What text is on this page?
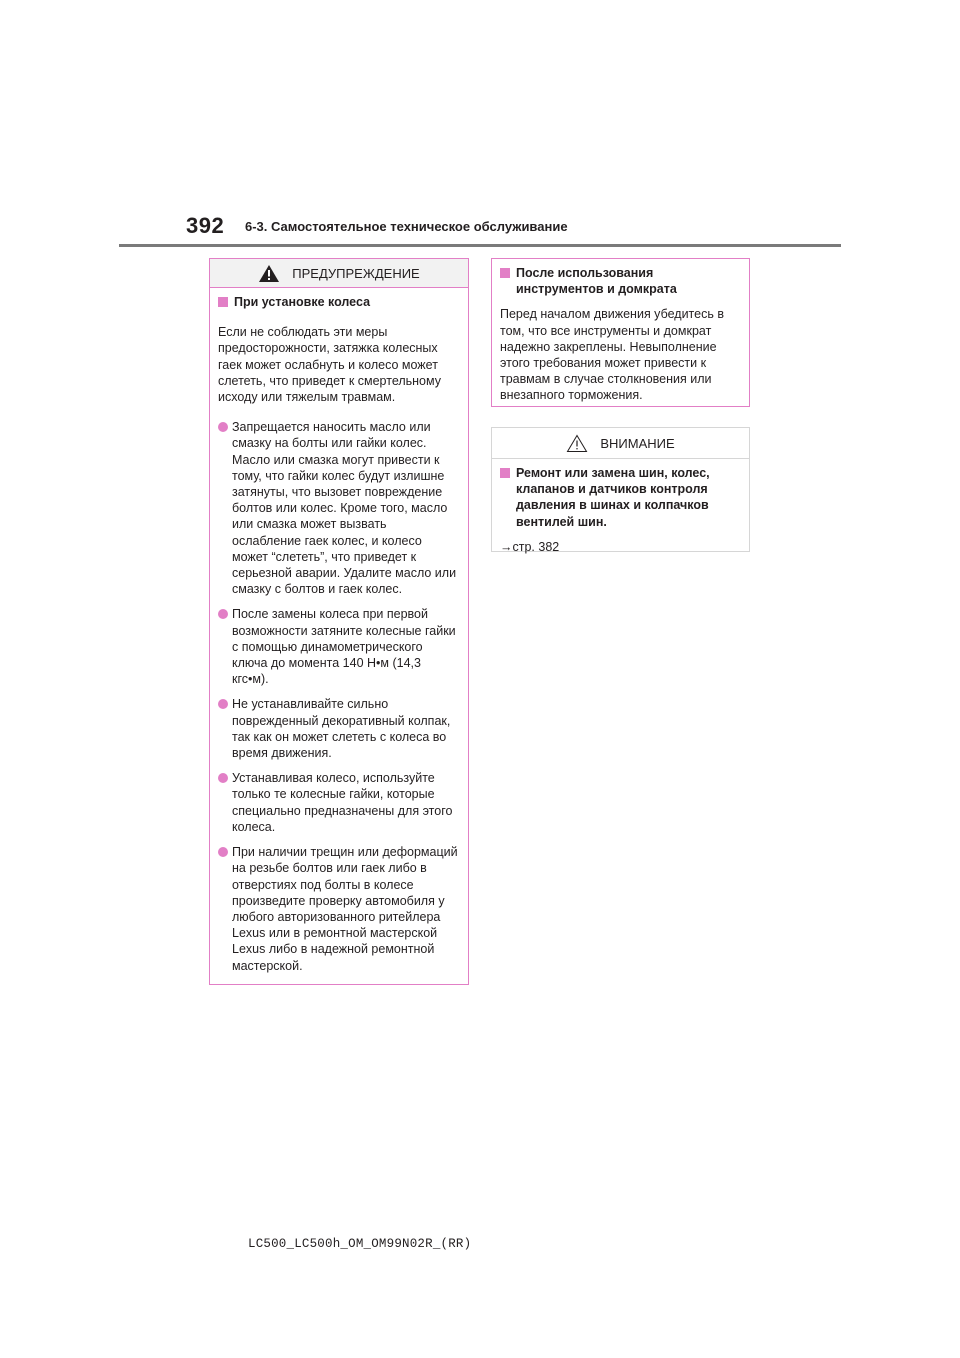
392 6-3. Самостоятельное техническое обслуживание
ПРЕДУПРЕЖДЕНИЕ
При установке колеса
Если не соблюдать эти меры предосторожности, затяжка колесных гаек может ослабнуть и колесо может слететь, что приведет к смертельному исходу или тяжелым травмам.
Запрещается наносить масло или смазку на болты или гайки колес. Масло или смазка могут привести к тому, что гайки колес будут излишне затянуты, что вызовет повреждение болтов или колес. Кроме того, масло или смазка может вызвать ослабление гаек колес, и колесо может “слететь”, что приведет к серьезной аварии. Удалите масло или смазку с болтов и гаек колес.
После замены колеса при первой возможности затяните колесные гайки с помощью динамометрического ключа до момента 140 Н•м (14,3 кгс•м).
Не устанавливайте сильно поврежденный декоративный колпак, так как он может слететь с колеса во время движения.
Устанавливая колесо, используйте только те колесные гайки, которые специально предназначены для этого колеса.
При наличии трещин или деформаций на резьбе болтов или гаек либо в отверстиях под болты в колесе произведите проверку автомобиля у любого авторизованного ритейлера Lexus или в ремонтной мастерской Lexus либо в надежной ремонтной мастерской.
После использования инструментов и домкрата
Перед началом движения убедитесь в том, что все инструменты и домкрат надежно закреплены. Невыполнение этого требования может привести к травмам в случае столкновения или внезапного торможения.
ВНИМАНИЕ
Ремонт или замена шин, колес, клапанов и датчиков контроля давления в шинах и колпачков вентилей шин.
→стр. 382
LC500_LC500h_OM_OM99N02R_(RR)
